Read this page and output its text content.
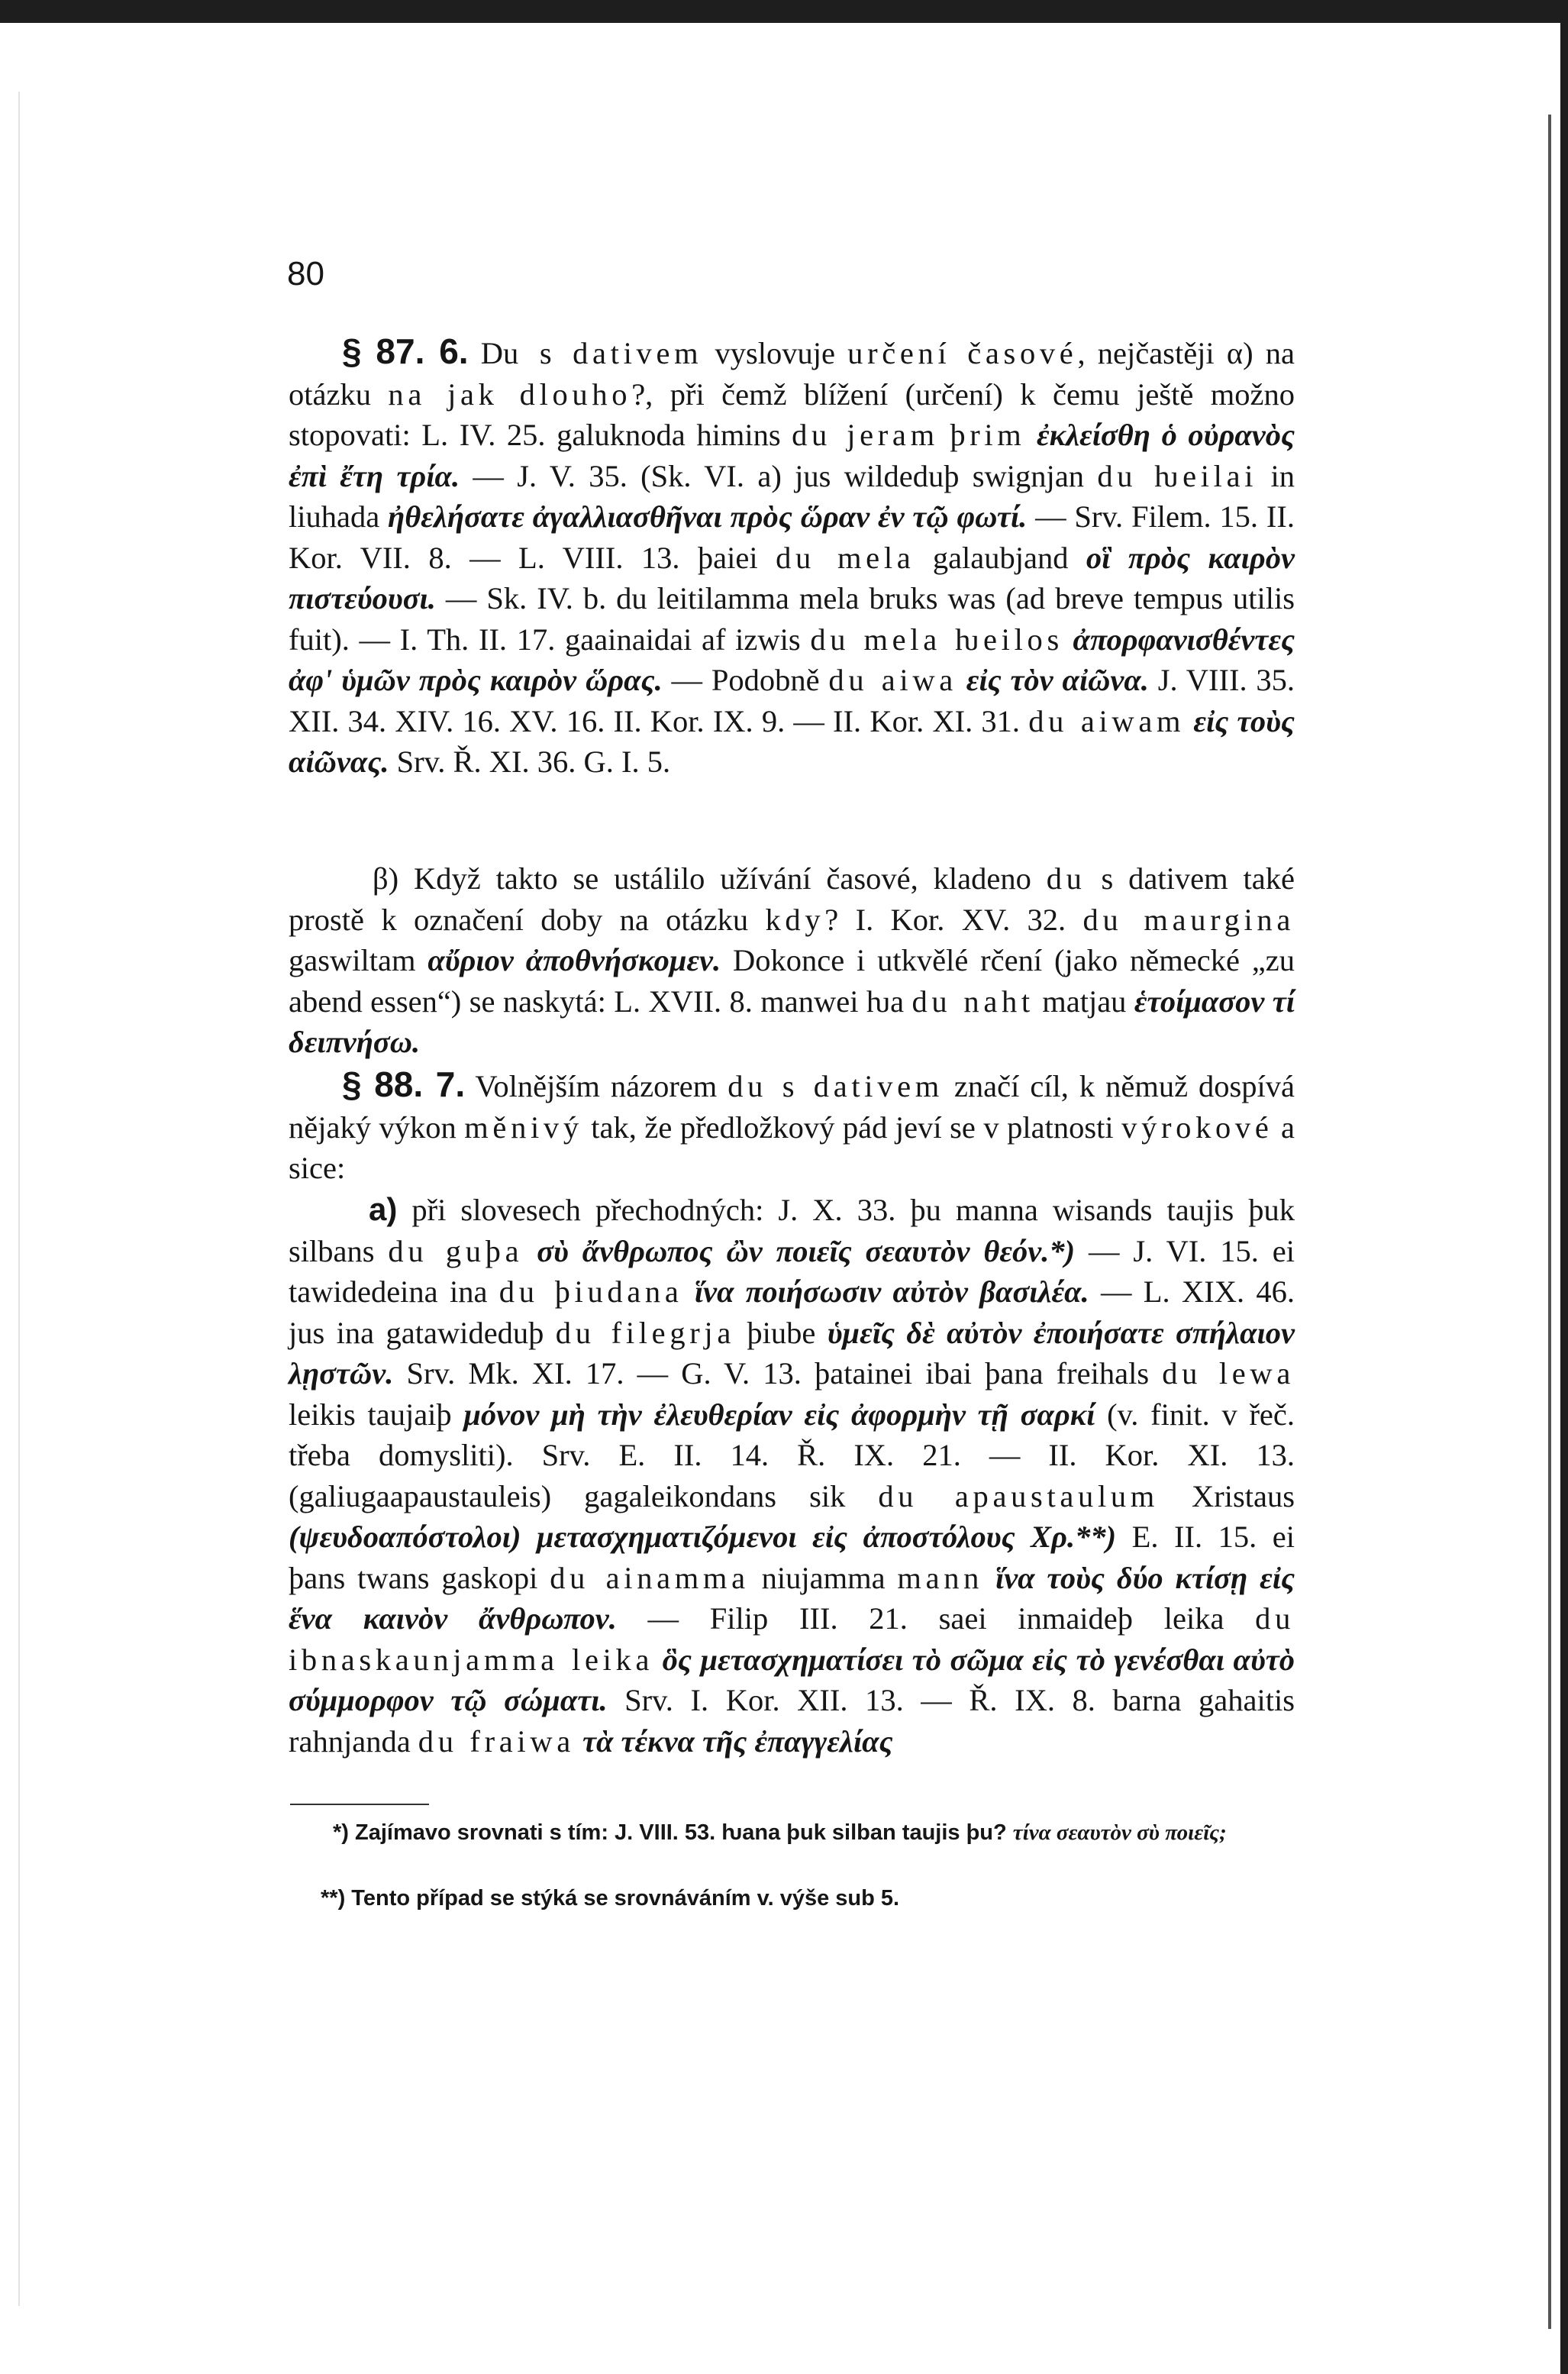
80

§ 87. 6. Du s dativem vyslovuje určení časové, nejčastěji α) na otázku na jak dlouho?, při čemž blížení (určení) k čemu ještě možno stopovati: L. IV. 25. galuknoda himins du jeram þrim ἐκλείσθη ὁ οὐρανὸς ἐπὶ ἔτη τρία. — J. V. 35. (Sk. VI. a) jus wildeduþ swignjan du ƕeilai in liuhada ἠθελήσατε ἀγαλλιασθῆναι πρὸς ὥραν ἐν τῷ φωτί. — Srv. Filem. 15. II. Kor. VII. 8. — L. VIII. 13. þaiei du mela galaubjand οἳ πρὸς καιρὸν πιστεύουσι. — Sk. IV. b. du leitilamma mela bruks was (ad breve tempus utilis fuit). — I. Th. II. 17. gaainaidai af izwis du mela ƕeilos ἀπορφανισθέντες ἀφ' ὑμῶν πρὸς καιρὸν ὥρας. — Podobně du aiwa εἰς τὸν αἰῶνα. J. VIII. 35. XII. 34. XIV. 16. XV. 16. II. Kor. IX. 9. — II. Kor. XI. 31. du aiwam εἰς τοὺς αἰῶνας. Srv. Ř. XI. 36. G. I. 5.

β) Když takto se ustálilo užívání časové, kladeno du s dativem také prostě k označení doby na otázku kdy? I. Kor. XV. 32. du maurgina gaswiltam αὔριον ἀποθνήσκομεν. Dokonce i utkvělé rčení (jako německé „zu abend essen“) se naskytá: L. XVII. 8. manwei ƕa du naht matjau ἑτοίμασον τί δειπνήσω.

§ 88. 7. Volnějším názorem du s dativem značí cíl, k němuž dospívá nějaký výkon měnivý tak, že předložkový pád jeví se v platnosti výrokové a sice:

a) při slovesech přechodných: J. X. 33. þu manna wisands taujis þuk silbans du guþa σὺ ἄνθρωπος ὢν ποιεῖς σεαυτὸν θεόν.*) — J. VI. 15. ei tawidedeina ina du þiudana ἵνα ποιήσωσιν αὐτὸν βασιλέα. — L. XIX. 46. jus ina gatawideduþ du filegrja þiube ὑμεῖς δὲ αὐτὸν ἐποιήσατε σπήλαιον λῃστῶν. Srv. Mk. XI. 17. — G. V. 13. þatainei ibai þana freihals du lewa leikis taujaiþ μόνον μὴ τὴν ἐλευθερίαν εἰς ἀφορμὴν τῇ σαρκί (v. finit. v řeč. třeba domysliti). Srv. E. II. 14. Ř. IX. 21. — II. Kor. XI. 13. (galiugaapaustauleis) gagaleikondans sik du apaustaulum Xristaus (ψευδοαπόστολοι) μετασχηματιζόμενοι εἰς ἀποστόλους Χρ.**) E. II. 15. ei þans twans gaskopi du ainamma niujamma mann ἵνα τοὺς δύο κτίσῃ εἰς ἕνα καινὸν ἄνθρωπον. — Filip III. 21. saei inmaideþ leika du ibnaskaunjamma leika ὃς μετασχηματίσει τὸ σῶμα εἰς τὸ γενέσθαι αὐτὸ σύμμορφον τῷ σώματι. Srv. I. Kor. XII. 13. — Ř. IX. 8. barna gahaitis rahnjanda du fraiwa τὰ τέκνα τῆς ἐπαγγελίας

*) Zajímavo srovnati s tím: J. VIII. 53. ƕana þuk silban taujis þu? τίνα σεαυτὸν σὺ ποιεῖς;

**) Tento případ se stýká se srovnáváním v. výše sub 5.
